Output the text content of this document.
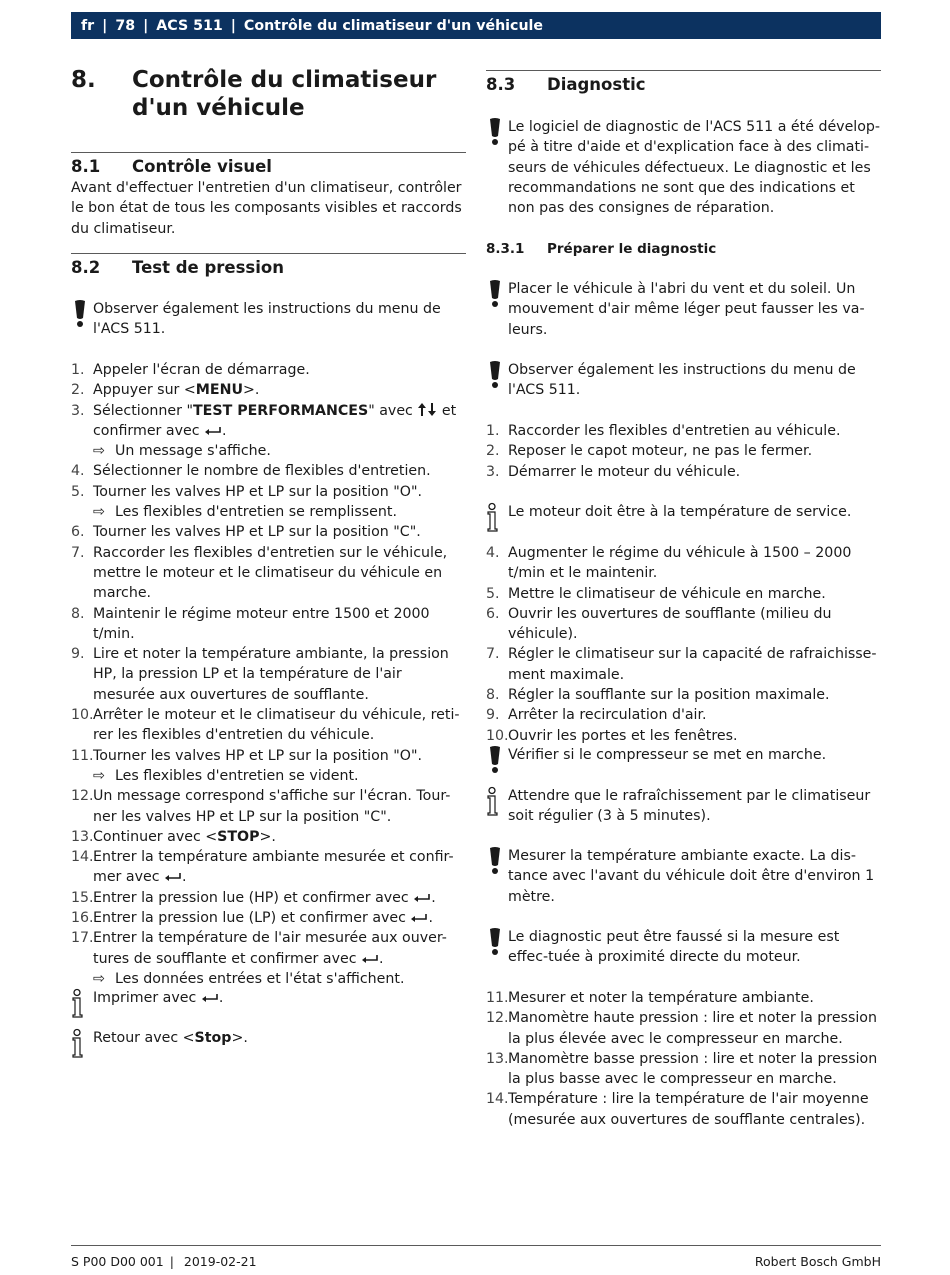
fr | 78 | ACS 511 | Contrôle du climatiseur d'un véhicule
8.	Contrôle du climatiseur
d'un véhicule
8.1	Contrôle visuel

Avant d'effectuer l'entretien d'un climatiseur, contrôler le bon état de tous les composants visibles et raccords du climatiseur.

8.2	Test de pression
Observer également les instructions du menu de l'ACS 511.
1. Appeler l'écran de démarrage.
2. Appuyer sur <MENU>.
3. Sélectionner "TEST PERFORMANCES" avec  et confirmer avec .
⇨ Un message s'affiche.
4. Sélectionner le nombre de flexibles d'entretien.
5. Tourner les valves HP et LP sur la position "O".
⇨ Les flexibles d'entretien se remplissent.
6. Tourner les valves HP et LP sur la position "C".
7. Raccorder les flexibles d'entretien sur le véhicule, mettre le moteur et le climatiseur du véhicule en marche.
8. Maintenir le régime moteur entre 1500 et 2000 t/min.
9. Lire et noter la température ambiante, la pression HP, la pression LP et la température de l'air mesurée aux ouvertures de soufflante.
10. Arrêter le moteur et le climatiseur du véhicule, reti-rer les flexibles d'entretien du véhicule.
11. Tourner les valves HP et LP sur la position "O".
⇨ Les flexibles d'entretien se vident.
12. Un message correspond s'affiche sur l'écran. Tour-ner les valves HP et LP sur la position "C".
13. Continuer avec <STOP>.
14. Entrer la température ambiante mesurée et confir-mer avec .
15. Entrer la pression lue (HP) et confirmer avec .
16. Entrer la pression lue (LP) et confirmer avec .
17. Entrer la température de l'air mesurée aux ouver-tures de soufflante et confirmer avec .
⇨ Les données entrées et l'état s'affichent.
Imprimer avec .
Retour avec <Stop>.
8.3	Diagnostic
Le logiciel de diagnostic de l'ACS 511 a été dévelop-pé à titre d'aide et d'explication face à des climati-seurs de véhicules défectueux. Le diagnostic et les recommandations ne sont que des indications et non pas des consignes de réparation.
8.3.1	Préparer le diagnostic
Placer le véhicule à l'abri du vent et du soleil. Un mouvement d'air même léger peut fausser les va-leurs.
Observer également les instructions du menu de l'ACS 511.
1. Raccorder les flexibles d'entretien au véhicule.
2. Reposer le capot moteur, ne pas le fermer.
3. Démarrer le moteur du véhicule.
Le moteur doit être à la température de service.
4. Augmenter le régime du véhicule à 1500 – 2000 t/min et le maintenir.
5. Mettre le climatiseur de véhicule en marche.
6. Ouvrir les ouvertures de soufflante (milieu du véhicule).
7. Régler le climatiseur sur la capacité de rafraichisse-ment maximale.
8. Régler la soufflante sur la position maximale.
9. Arrêter la recirculation d'air.
10. Ouvrir les portes et les fenêtres.
Vérifier si le compresseur se met en marche.
Attendre que le rafraîchissement par le climatiseur soit régulier (3 à 5 minutes).
Mesurer la température ambiante exacte. La dis-tance avec l'avant du véhicule doit être d'environ 1 mètre.
Le diagnostic peut être faussé si la mesure est effec-tuée à proximité directe du moteur.
11. Mesurer et noter la température ambiante.
12. Manomètre haute pression : lire et noter la pression la plus élevée avec le compresseur en marche.
13. Manomètre basse pression : lire et noter la pression la plus basse avec le compresseur en marche.
14. Température : lire la température de l'air moyenne (mesurée aux ouvertures de soufflante centrales).
S P00 D00 001 | 2019-02-21	Robert Bosch GmbH
